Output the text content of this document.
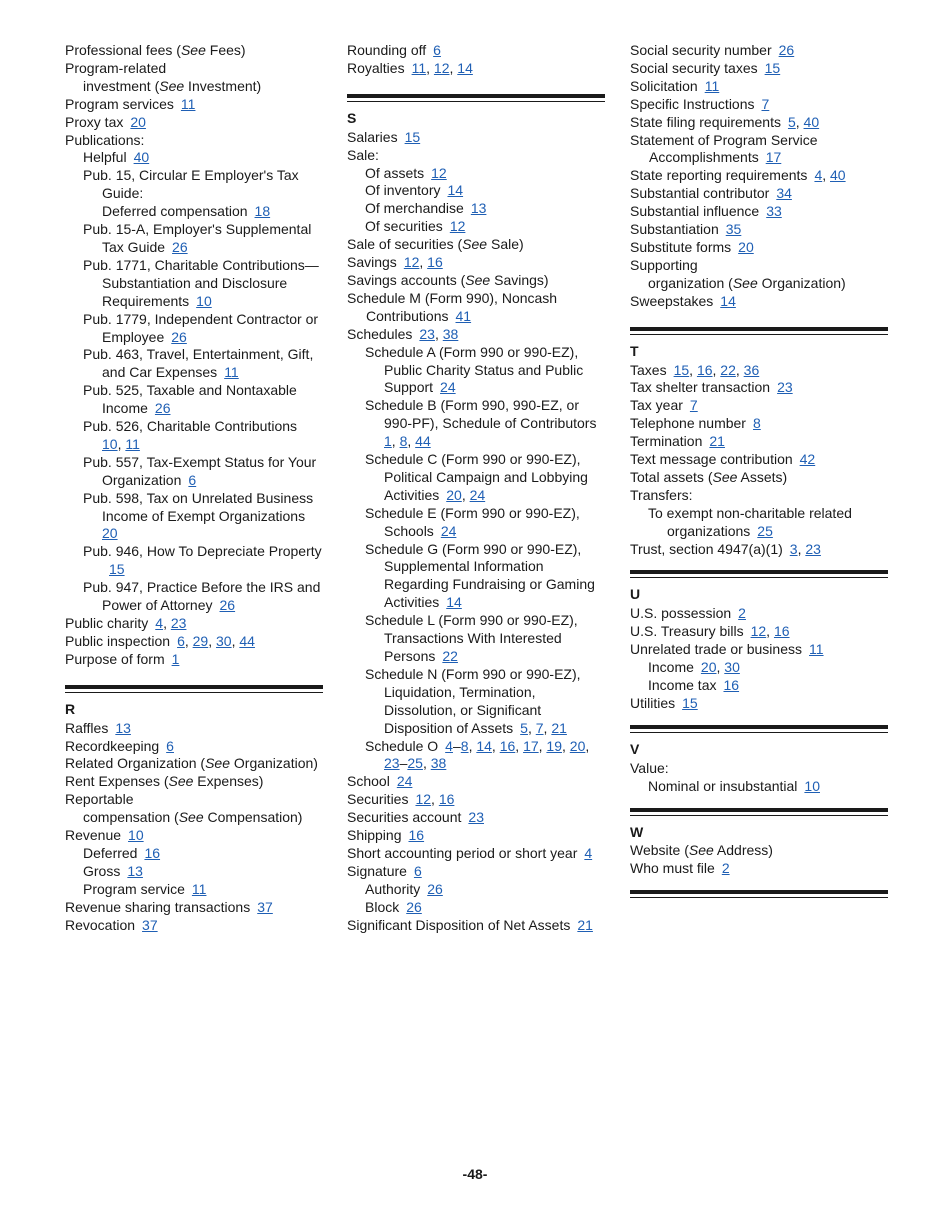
Professional fees (See Fees)
Program-related
investment (See Investment)
Program services 11
Proxy tax 20
Publications:
Helpful 40
Pub. 15, Circular E Employer's Tax Guide:
Deferred compensation 18
Pub. 15-A, Employer's Supplemental Tax Guide 26
Pub. 1771, Charitable Contributions—Substantiation and Disclosure Requirements 10
Pub. 1779, Independent Contractor or Employee 26
Pub. 463, Travel, Entertainment, Gift, and Car Expenses 11
Pub. 525, Taxable and Nontaxable Income 26
Pub. 526, Charitable Contributions10, 11
Pub. 557, Tax-Exempt Status for Your Organization 6
Pub. 598, Tax on Unrelated Business Income of Exempt Organizations20
Pub. 946, How To Depreciate Property15
Pub. 947, Practice Before the IRS and Power of Attorney 26
Public charity 4, 23
Public inspection 6, 29, 30, 44
Purpose of form 1
R
Raffles 13
Recordkeeping 6
Related Organization (See Organization)
Rent Expenses (See Expenses)
Reportable
compensation (See Compensation)
Revenue 10
Deferred 16
Gross 13
Program service 11
Revenue sharing transactions 37
Revocation 37
Rounding off 6
Royalties 11, 12, 14
S
Salaries 15
Sale:
Of assets 12
Of inventory 14
Of merchandise 13
Of securities 12
Sale of securities (See Sale)
Savings 12, 16
Savings accounts (See Savings)
Schedule M (Form 990), Noncash Contributions 41
Schedules 23, 38
Schedule A (Form 990 or 990-EZ), Public Charity Status and Public Support 24
Schedule B (Form 990, 990-EZ, or 990-PF), Schedule of Contributors1, 8, 44
Schedule C (Form 990 or 990-EZ), Political Campaign and Lobbying Activities 20, 24
Schedule E (Form 990 or 990-EZ), Schools 24
Schedule G (Form 990 or 990-EZ), Supplemental Information Regarding Fundraising or Gaming Activities 14
Schedule L (Form 990 or 990-EZ), Transactions With Interested Persons 22
Schedule N (Form 990 or 990-EZ), Liquidation, Termination, Dissolution, or Significant Disposition of Assets 5, 7, 21
Schedule O 4–8, 14, 16, 17, 19, 20, 23–25, 38
School 24
Securities 12, 16
Securities account 23
Shipping 16
Short accounting period or short year 4
Signature 6
Authority 26
Block 26
Significant Disposition of Net Assets 21
Social security number 26
Social security taxes 15
Solicitation 11
Specific Instructions 7
State filing requirements 5, 40
Statement of Program Service Accomplishments 17
State reporting requirements 4, 40
Substantial contributor 34
Substantial influence 33
Substantiation 35
Substitute forms 20
Supporting
organization (See Organization)
Sweepstakes 14
T
Taxes 15, 16, 22, 36
Tax shelter transaction 23
Tax year 7
Telephone number 8
Termination 21
Text message contribution 42
Total assets (See Assets)
Transfers:
To exempt non-charitable related organizations 25
Trust, section 4947(a)(1) 3, 23
U
U.S. possession 2
U.S. Treasury bills 12, 16
Unrelated trade or business 11
Income 20, 30
Income tax 16
Utilities 15
V
Value:
Nominal or insubstantial 10
W
Website (See Address)
Who must file 2
-48-
